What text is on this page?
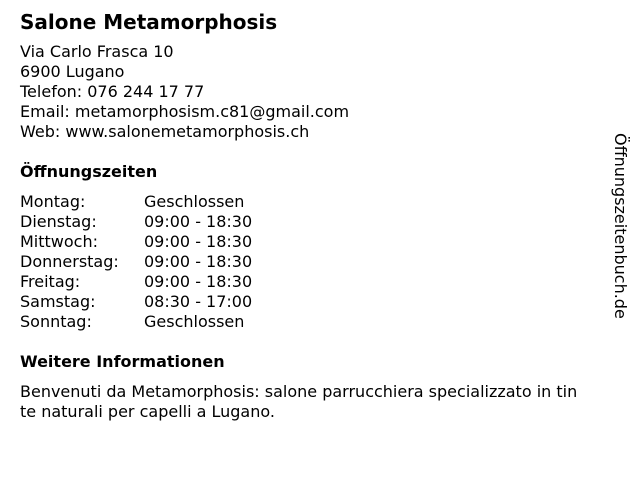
Salone Metamorphosis
Via Carlo Frasca 10
6900 Lugano
Telefon: 076 244 17 77
Email: metamorphosism.c81@gmail.com
Web: www.salonemetamorphosis.ch
Öffnungszeiten
Montag:	Geschlossen
Dienstag:	09:00 - 18:30
Mittwoch:	09:00 - 18:30
Donnerstag:	09:00 - 18:30
Freitag:	09:00 - 18:30
Samstag:	08:30 - 17:00
Sonntag:	Geschlossen
Weitere Informationen
Benvenuti da Metamorphosis: salone parrucchiera specializzato in tin
te naturali per capelli a Lugano.
Öffnungszeitenbuch.de
